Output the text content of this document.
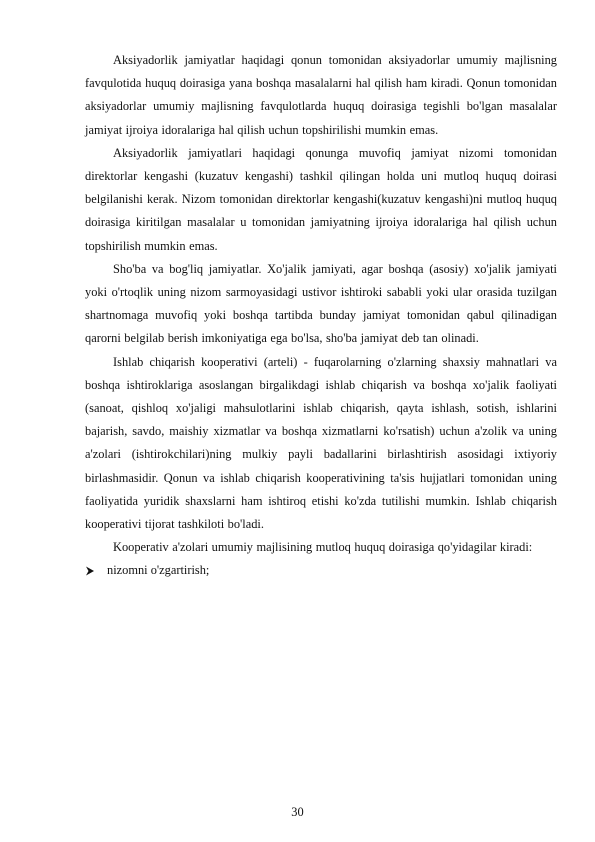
Aksiyadorlik jamiyatlar haqidagi qonun tomonidan aksiyadorlar umumiy majlisning favqulotida huquq doirasiga yana boshqa masalalarni hal qilish ham kiradi. Qonun tomonidan aksiyadorlar umumiy majlisning favqulotlarda huquq doirasiga tegishli bo'lgan masalalar jamiyat ijroiya idoralariga hal qilish uchun topshirilishi mumkin emas.

Aksiyadorlik jamiyatlari haqidagi qonunga muvofiq jamiyat nizomi tomonidan direktorlar kengashi (kuzatuv kengashi) tashkil qilingan holda uni mutloq huquq doirasi belgilanishi kerak. Nizom tomonidan direktorlar kengashi(kuzatuv kengashi)ni mutloq huquq doirasiga kiritilgan masalalar u tomonidan jamiyatning ijroiya idoralariga hal qilish uchun topshirilish mumkin emas.

Sho'ba va bog'liq jamiyatlar. Xo'jalik jamiyati, agar boshqa (asosiy) xo'jalik jamiyati yoki o'rtoqlik uning nizom sarmoyasidagi ustivor ishtiroki sababli yoki ular orasida tuzilgan shartnomaga muvofiq yoki boshqa tartibda bunday jamiyat tomonidan qabul qilinadigan qarorni belgilab berish imkoniyatiga ega bo'lsa, sho'ba jamiyat deb tan olinadi.

Ishlab chiqarish kooperativi (arteli) - fuqarolarning o'zlarning shaxsiy mahnatlari va boshqa ishtiroklariga asoslangan birgalikdagi ishlab chiqarish va boshqa xo'jalik faoliyati (sanoat, qishloq xo'jaligi mahsulotlarini ishlab chiqarish, qayta ishlash, sotish, ishlarini bajarish, savdo, maishiy xizmatlar va boshqa xizmatlarni ko'rsatish) uchun a'zolik va uning a'zolari (ishtirokchilari)ning mulkiy payli badallarini birlashtirish asosidagi ixtiyoriy birlashmasidir. Qonun va ishlab chiqarish kooperativining ta'sis hujjatlari tomonidan uning faoliyatida yuridik shaxslarni ham ishtiroq etishi ko'zda tutilishi mumkin. Ishlab chiqarish kooperativi tijorat tashkiloti bo'ladi.

Kooperativ a'zolari umumiy majlisining mutloq huquq doirasiga qo'yidagilar kiradi:

nizomni o'zgartirish;
30
